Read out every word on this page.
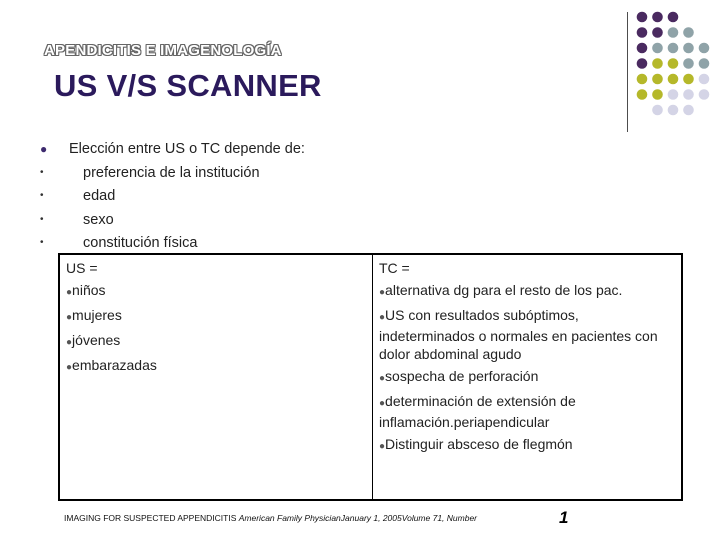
APENDICITIS E IMAGENOLOGÍA
US V/S SCANNER
●	Elección entre US o TC depende de:
•	preferencia de la institución
•	edad
•	sexo
•	constitución física
US =
●niños
●mujeres
●jóvenes
●embarazadas
TC =
●alternativa dg para el resto de los pac.
●US con resultados subóptimos, indeterminados o normales en pacientes con dolor abdominal agudo
●sospecha de perforación
●determinación de extensión de inflamación.periapendicular
●Distinguir absceso de flegmón
IMAGING FOR SUSPECTED APPENDICITIS American Family PhysicianJanuary 1, 2005Volume 71, Number	1
